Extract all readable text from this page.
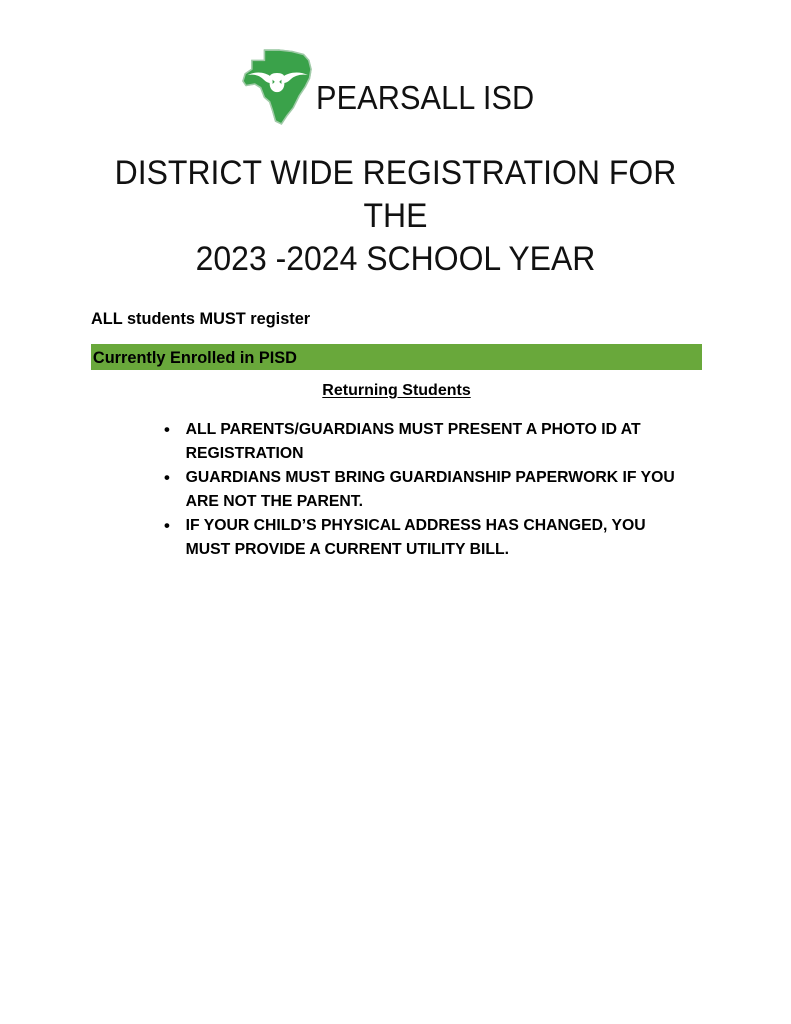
PEARSALL ISD
DISTRICT WIDE REGISTRATION FOR THE
2023 -2024 SCHOOL YEAR
ALL students MUST register
Currently Enrolled in PISD
Returning Students
• ALL PARENTS/GUARDIANS MUST PRESENT A PHOTO ID AT REGISTRATION
• GUARDIANS MUST BRING GUARDIANSHIP PAPERWORK IF YOU ARE NOT THE PARENT.
• IF YOUR CHILD’S PHYSICAL ADDRESS HAS CHANGED, YOU MUST PROVIDE A CURRENT UTILITY BILL.
